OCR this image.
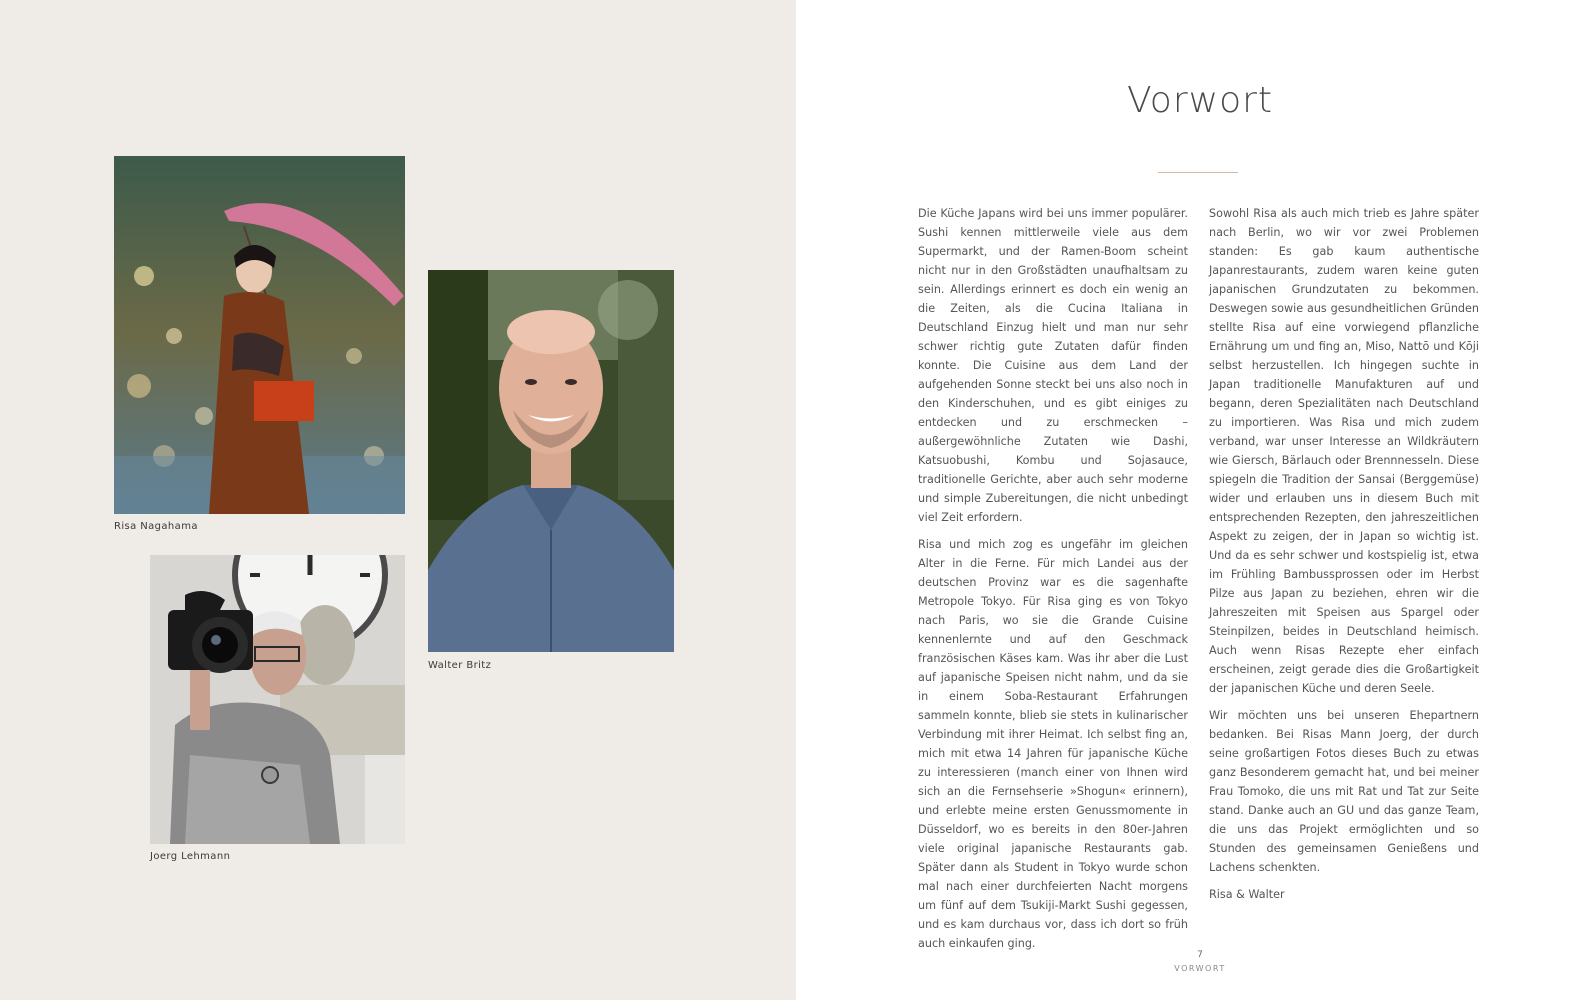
Risa Nagahama
Walter Britz
Joerg Lehmann
Vorwort

Die Küche Japans wird bei uns immer populärer. Sushi kennen mittlerweile viele aus dem Supermarkt, und der Ramen-Boom scheint nicht nur in den Großstädten unaufhaltsam zu sein. Allerdings erinnert es doch ein wenig an die Zeiten, als die Cucina Italiana in Deutschland Einzug hielt und man nur sehr schwer richtig gute Zutaten dafür finden konnte. Die Cuisine aus dem Land der aufgehenden Sonne steckt bei uns also noch in den Kinderschuhen, und es gibt einiges zu entdecken und zu erschmecken – außergewöhnliche Zutaten wie Dashi, Katsuobushi, Kombu und Sojasauce, traditionelle Gerichte, aber auch sehr moderne und simple Zubereitungen, die nicht unbedingt viel Zeit erfordern.

Risa und mich zog es ungefähr im gleichen Alter in die Ferne. Für mich Landei aus der deutschen Provinz war es die sagenhafte Metropole Tokyo. Für Risa ging es von Tokyo nach Paris, wo sie die Grande Cuisine kennenlernte und auf den Geschmack französischen Käses kam. Was ihr aber die Lust auf japanische Speisen nicht nahm, und da sie in einem Soba-Restaurant Erfahrungen sammeln konnte, blieb sie stets in kulinarischer Verbindung mit ihrer Heimat. Ich selbst fing an, mich mit etwa 14 Jahren für japanische Küche zu interessieren (manch einer von Ihnen wird sich an die Fernsehserie »Shogun« erinnern), und erlebte meine ersten Genussmomente in Düsseldorf, wo es bereits in den 80er-Jahren viele original japanische Restaurants gab. Später dann als Student in Tokyo wurde schon mal nach einer durchfeierten Nacht morgens um fünf auf dem Tsukiji-Markt Sushi gegessen, und es kam durchaus vor, dass ich dort so früh auch einkaufen ging.

Sowohl Risa als auch mich trieb es Jahre später nach Berlin, wo wir vor zwei Problemen standen: Es gab kaum authentische Japanrestaurants, zudem waren keine guten japanischen Grundzutaten zu bekommen. Deswegen sowie aus gesundheitlichen Gründen stellte Risa auf eine vorwiegend pflanzliche Ernährung um und fing an, Miso, Nattō und Kōji selbst herzustellen. Ich hingegen suchte in Japan traditionelle Manufakturen auf und begann, deren Spezialitäten nach Deutschland zu importieren. Was Risa und mich zudem verband, war unser Interesse an Wildkräutern wie Giersch, Bärlauch oder Brennnesseln. Diese spiegeln die Tradition der Sansai (Berggemüse) wider und erlauben uns in diesem Buch mit entsprechenden Rezepten, den jahreszeitlichen Aspekt zu zeigen, der in Japan so wichtig ist. Und da es sehr schwer und kostspielig ist, etwa im Frühling Bambussprossen oder im Herbst Pilze aus Japan zu beziehen, ehren wir die Jahreszeiten mit Speisen aus Spargel oder Steinpilzen, beides in Deutschland heimisch. Auch wenn Risas Rezepte eher einfach erscheinen, zeigt gerade dies die Großartigkeit der japanischen Küche und deren Seele.

Wir möchten uns bei unseren Ehepartnern bedanken. Bei Risas Mann Joerg, der durch seine großartigen Fotos dieses Buch zu etwas ganz Besonderem gemacht hat, und bei meiner Frau Tomoko, die uns mit Rat und Tat zur Seite stand. Danke auch an GU und das ganze Team, die uns das Projekt ermöglichten und so Stunden des gemeinsamen Genießens und Lachens schenkten.

Risa & Walter

7
VORWORT
